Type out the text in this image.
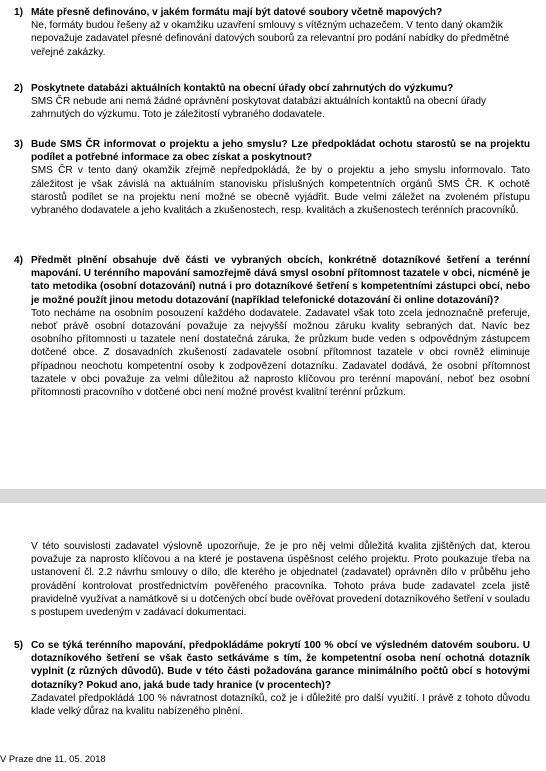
1) Máte přesně definováno, v jakém formátu mají být datové soubory včetně mapových?

Ne, formáty budou řešeny až v okamžiku uzavření smlouvy s vítězným uchazečem. V tento daný okamžik nepovažuje zadavatel přesné definování datových souborů za relevantní pro podání nabídky do předmětné veřejné zakázky.

2) Poskytnete databázi aktuálních kontaktů na obecní úřady obcí zahrnutých do výzkumu?

SMS ČR nebude ani nemá žádné oprávnění poskytovat databázi aktuálních kontaktů na obecní úřady zahrnutých do výzkumu. Toto je záležitostí vybraného dodavatele.

3) Bude SMS ČR informovat o projektu a jeho smyslu? Lze předpokládat ochotu starostů se na projektu podílet a potřebné informace za obec získat a poskytnout?

SMS ČR v tento daný okamžik zřejmě nepředpokládá, že by o projektu a jeho smyslu informovalo. Tato záležitost je však závislá na aktuálním stanovisku příslušných kompetentních orgánů SMS ČR. K ochotě starostů podílet se na projektu není možné se obecně vyjádřit. Bude velmi záležet na zvoleném přístupu vybraného dodavatele a jeho kvalitách a zkušenostech, resp. kvalitách a zkušenostech terénních pracovníků.

4) Předmět plnění obsahuje dvě části ve vybraných obcích, konkrétně dotazníkové šetření a terénní mapování. U terénního mapování samozřejmě dává smysl osobní přítomnost tazatele v obci, nicméně je tato metodika (osobní dotazování) nutná i pro dotazníkové šetření s kompetentními zástupci obcí, nebo je možné použít jinou metodu dotazování (například telefonické dotazování či online dotazování)?

Toto necháme na osobním posouzení každého dodavatele. Zadavatel však toto zcela jednoznačně preferuje, neboť právě osobní dotazování považuje za nejvyšší možnou záruku kvality sebraných dat. Navíc bez osobního přítomnosti u tazatele není dostatečná záruka, že průzkum bude veden s odpovědným zástupcem dotčené obce. Z dosavadních zkušeností zadavatele osobní přítomnost tazatele v obci rovněž eliminuje případnou neochotu kompetentní osoby k zodpovězení dotazníku. Zadavatel dodává, že osobní přítomnost tazatele v obci považuje za velmi důležitou až naprosto klíčovou pro terénní mapování, neboť bez osobní přítomnosti pracovního v dotčené obci není možné provést kvalitní terénní průzkum.

V této souvislosti zadavatel výslovně upozorňuje, že je pro něj velmi důležitá kvalita zjištěných dat, kterou považuje za naprosto klíčovou a na které je postavena úspěšnost celého projektu. Proto poukazuje třeba na ustanovení čl. 2.2 návrhu smlouvy o dílo, dle kterého je objednatel (zadavatel) oprávněn dílo v průběhu jeho provádění kontrolovat prostřednictvím pověřeného pracovníka. Tohoto práva bude zadavatel zcela jistě pravidelně využívat a namátkově si u dotčených obcí bude ověřovat provedení dotazníkového šetření v souladu s postupem uvedeným v zadávací dokumentaci.

5) Co se týká terénního mapování, předpokládáme pokrytí 100 % obcí ve výsledném datovém souboru. U dotazníkového šetření se však často setkáváme s tím, že kompetentní osoba není ochotná dotazník vyplnit (z různých důvodů). Bude v této části požadována garance minimálního počtů obcí s hotovými dotazníky? Pokud ano, jaká bude tady hranice (v procentech)?

Zadavatel předpokládá 100 % návratnost dotazníků, což je i důležité pro další využití. I právě z tohoto důvodu klade velký důraz na kvalitu nabízeného plnění.

V Praze dne 11. 05. 2018
